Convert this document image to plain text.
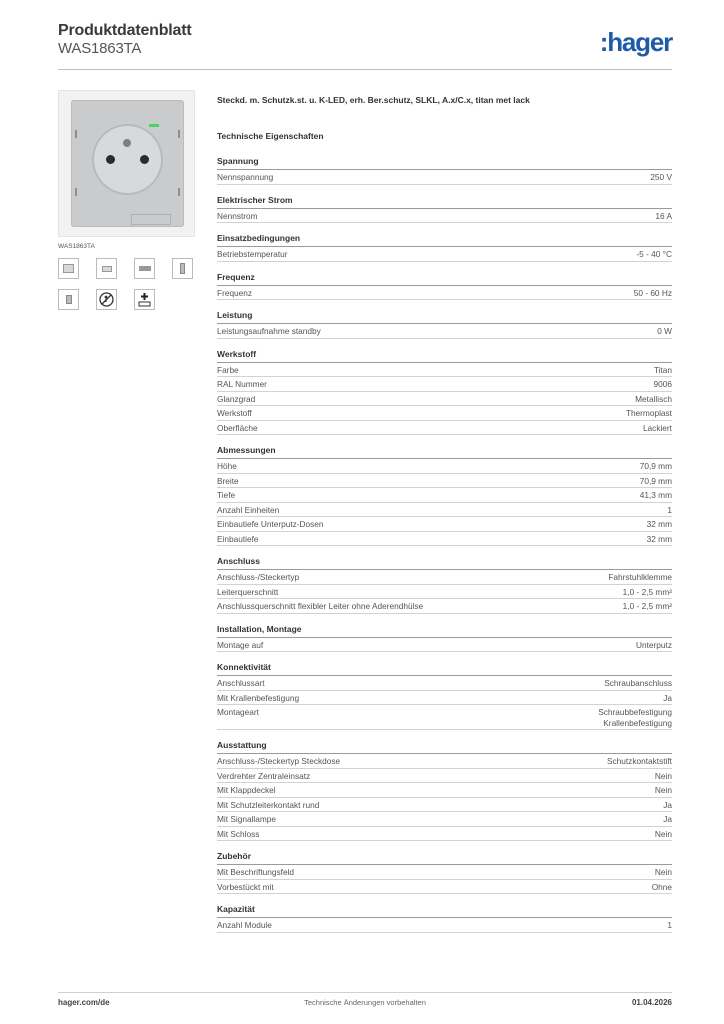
Produktdatenblatt
WAS1863TA	:hager
WAS1863TA
Steckd. m. Schutzk.st. u. K-LED, erh. Ber.schutz, SLKL, A.x/C.x, titan met lack
Technische Eigenschaften
Spannung
Nennspannung	250 V
Elektrischer Strom
Nennstrom	16 A
Einsatzbedingungen
Betriebstemperatur	-5 - 40 °C
Frequenz
Frequenz	50 - 60 Hz
Leistung
Leistungsaufnahme standby	0 W
Werkstoff
Farbe	Titan
RAL Nummer	9006
Glanzgrad	Metallisch
Werkstoff	Thermoplast
Oberfläche	Lackiert
Abmessungen
Höhe	70,9 mm
Breite	70,9 mm
Tiefe	41,3 mm
Anzahl Einheiten	1
Einbautiefe Unterputz-Dosen	32 mm
Einbautiefe	32 mm
Anschluss
Anschluss-/Steckertyp	Fahrstuhlklemme
Leiterquerschnitt	1,0 - 2,5 mm²
Anschlussquerschnitt flexibler Leiter ohne Aderendhülse	1,0 - 2,5 mm²
Installation, Montage
Montage auf	Unterputz
Konnektivität
Anschlussart	Schraubanschluss
Mit Krallenbefestigung	Ja
Montageart	Schraubbefestigung
Krallenbefestigung
Ausstattung
Anschluss-/Steckertyp Steckdose	Schutzkontaktstift
Verdrehter Zentraleinsatz	Nein
Mit Klappdeckel	Nein
Mit Schutzleiterkontakt rund	Ja
Mit Signallampe	Ja
Mit Schloss	Nein
Zubehör
Mit Beschriftungsfeld	Nein
Vorbestückt mit	Ohne
Kapazität
Anzahl Module	1
hager.com/de	Technische Änderungen vorbehalten	01.04.2026
